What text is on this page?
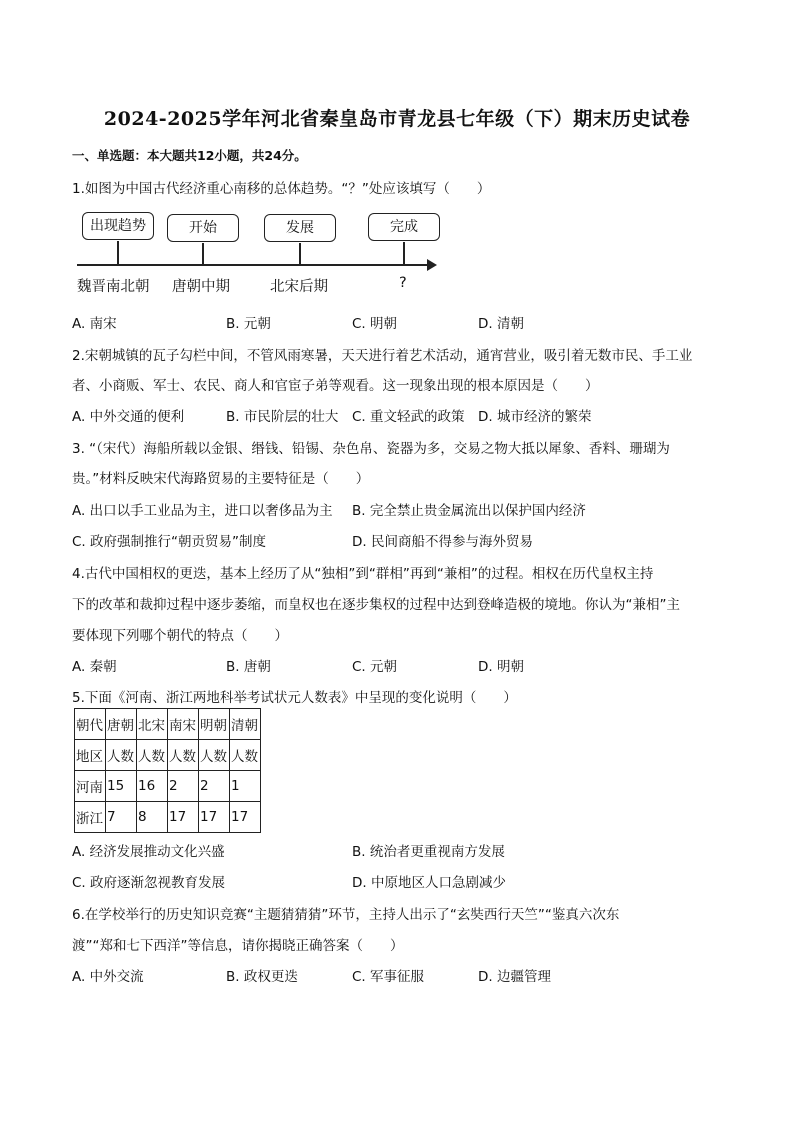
2024-2025学年河北省秦皇岛市青龙县七年级（下）期末历史试卷
一、单选题：本大题共12小题，共24分。
1.如图为中国古代经济重心南移的总体趋势。“？”处应该填写（　　）
出现趋势	开始	发展	完成
魏晋南北朝 唐朝中期	北宋后期	?
A. 南宋	B. 元朝	C. 明朝	D. 清朝
2.宋朝城镇的瓦子勾栏中间，不管风雨寒暑，天天进行着艺术活动，通宵营业，吸引着无数市民、手工业
者、小商贩、军士、农民、商人和官宦子弟等观看。这一现象出现的根本原因是（　　）
A. 中外交通的便利	B. 市民阶层的壮大 C. 重文轻武的政策 D. 城市经济的繁荣
3. “（宋代）海船所载以金银、缗钱、铅锡、杂色帛、瓷器为多，交易之物大抵以犀象、香料、珊瑚为
贵。”材料反映宋代海路贸易的主要特征是（　　）
A. 出口以手工业品为主，进口以奢侈品为主 B. 完全禁止贵金属流出以保护国内经济
C. 政府强制推行“朝贡贸易”制度	D. 民间商船不得参与海外贸易
4.古代中国相权的更迭，基本上经历了从“独相”到“群相”再到“兼相”的过程。相权在历代皇权主持
下的改革和裁抑过程中逐步萎缩，而皇权也在逐步集权的过程中达到登峰造极的境地。你认为“兼相”主
要体现下列哪个朝代的特点（　　）
A. 秦朝	B. 唐朝	C. 元朝	D. 明朝
5.下面《河南、浙江两地科举考试状元人数表》中呈现的变化说明（　　）
朝代	唐朝	北宋	南宋	明朝	清朝
地区	人数	人数	人数	人数	人数
河南	15	16	2	2	1
浙江	7	8	17	17	17
A. 经济发展推动文化兴盛	B. 统治者更重视南方发展
C. 政府逐渐忽视教育发展	D. 中原地区人口急剧减少
6.在学校举行的历史知识竞赛“主题猜猜猜”环节，主持人出示了“玄奘西行天竺”“鉴真六次东
渡”“郑和七下西洋”等信息，请你揭晓正确答案（　　）
A. 中外交流	B. 政权更迭	C. 军事征服	D. 边疆管理
